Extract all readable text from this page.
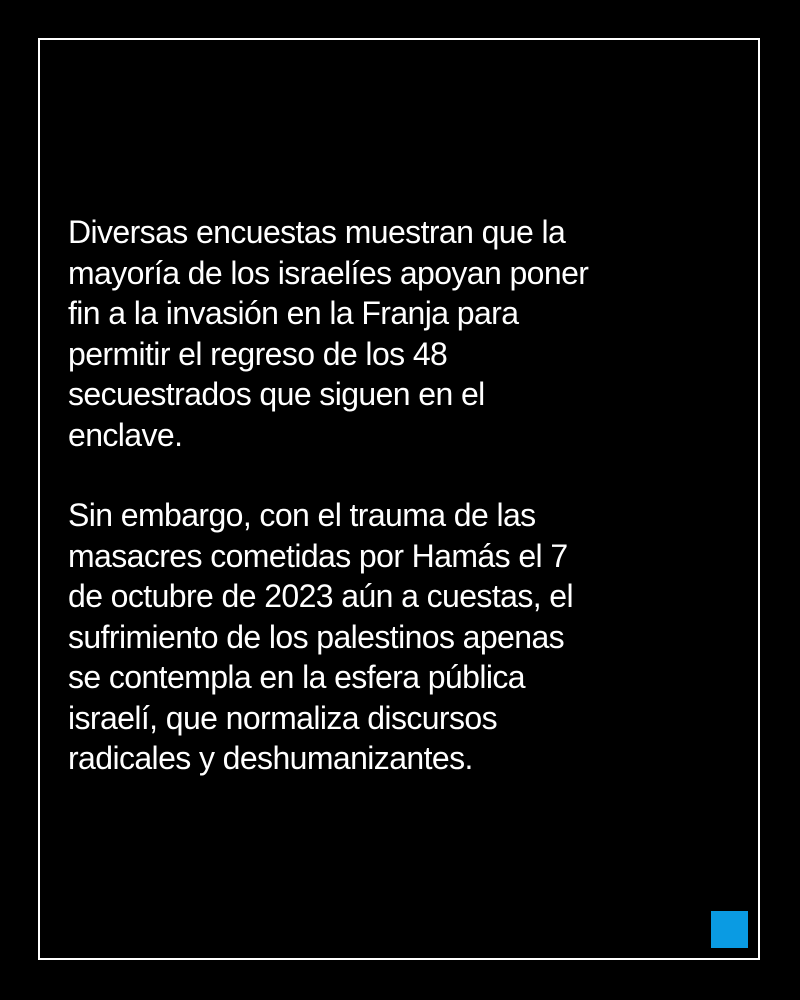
Diversas encuestas muestran que la
mayoría de los israelíes apoyan poner
fin a la invasión en la Franja para
permitir el regreso de los 48
secuestrados que siguen en el
enclave.

Sin embargo, con el trauma de las
masacres cometidas por Hamás el 7
de octubre de 2023 aún a cuestas, el
sufrimiento de los palestinos apenas
se contempla en la esfera pública
israelí, que normaliza discursos
radicales y deshumanizantes.
